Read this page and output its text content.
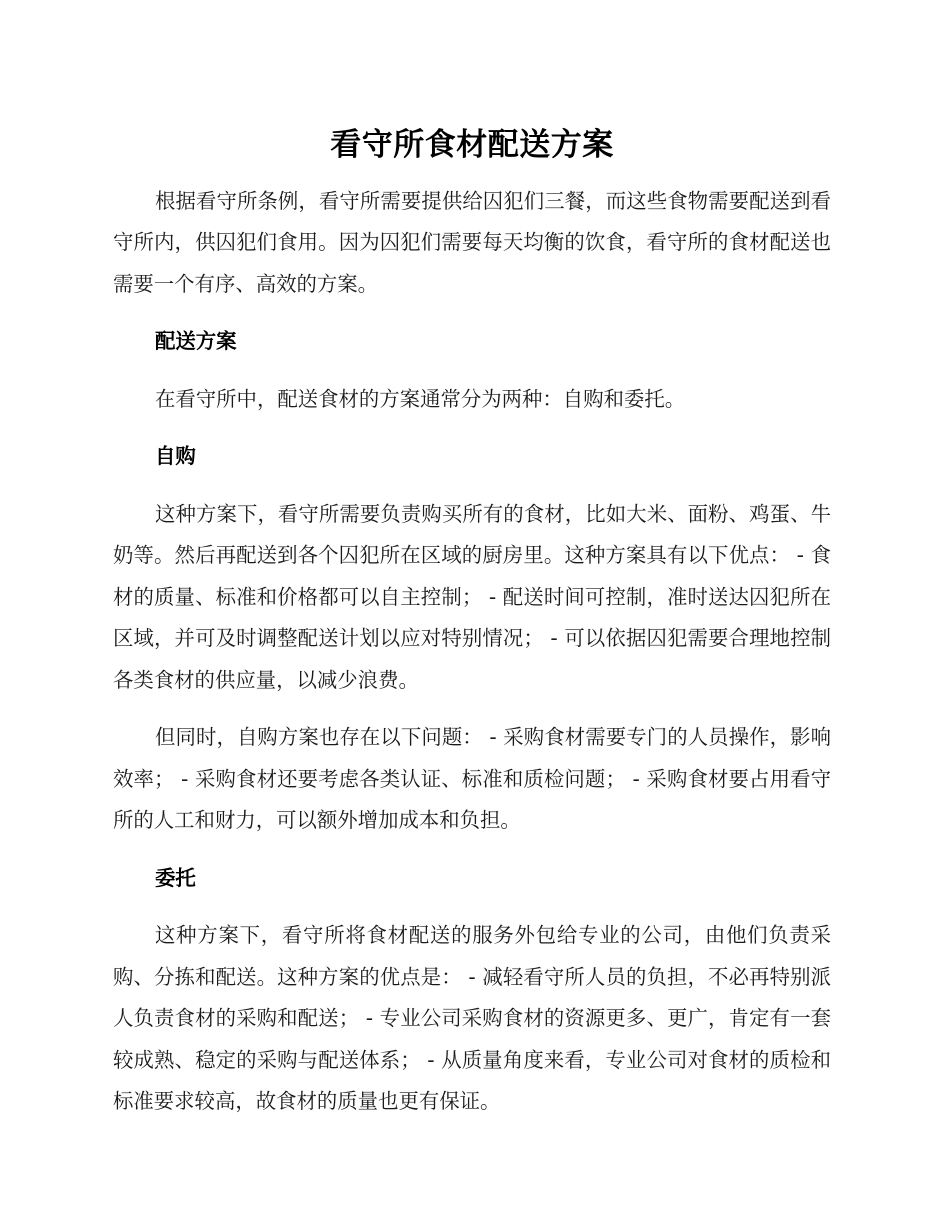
看守所食材配送方案

根据看守所条例，看守所需要提供给囚犯们三餐，而这些食物需要配送到看守所内，供囚犯们食用。因为囚犯们需要每天均衡的饮食，看守所的食材配送也需要一个有序、高效的方案。

配送方案

在看守所中，配送食材的方案通常分为两种：自购和委托。

自购

这种方案下，看守所需要负责购买所有的食材，比如大米、面粉、鸡蛋、牛奶等。然后再配送到各个囚犯所在区域的厨房里。这种方案具有以下优点： - 食材的质量、标准和价格都可以自主控制； - 配送时间可控制，准时送达囚犯所在区域，并可及时调整配送计划以应对特别情况； - 可以依据囚犯需要合理地控制各类食材的供应量，以减少浪费。

但同时，自购方案也存在以下问题： - 采购食材需要专门的人员操作，影响效率； - 采购食材还要考虑各类认证、标准和质检问题； - 采购食材要占用看守所的人工和财力，可以额外增加成本和负担。

委托

这种方案下，看守所将食材配送的服务外包给专业的公司，由他们负责采购、分拣和配送。这种方案的优点是： - 减轻看守所人员的负担，不必再特别派人负责食材的采购和配送； - 专业公司采购食材的资源更多、更广，肯定有一套较成熟、稳定的采购与配送体系； - 从质量角度来看，专业公司对食材的质检和标准要求较高，故食材的质量也更有保证。
